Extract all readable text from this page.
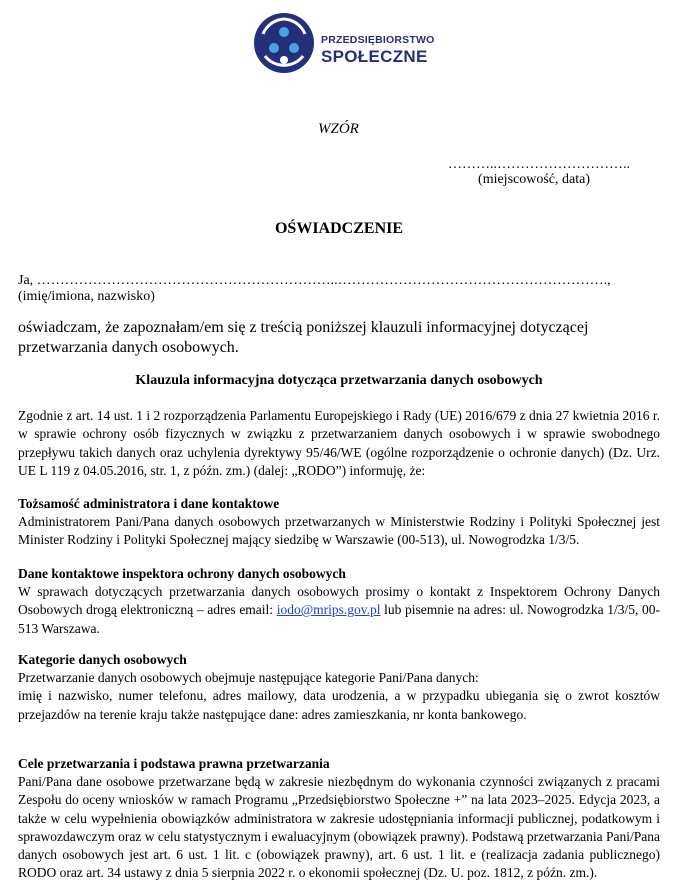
PRZEDSIĘBIORSTWO
SPOŁECZNE
WZÓR
………..………………………..
(miejscowość, data)
OŚWIADCZENIE
Ja, ………………………………………………………..………………………………………………….,
(imię/imiona, nazwisko)
oświadczam, że zapoznałam/em się z treścią poniższej klauzuli informacyjnej dotyczącej przetwarzania danych osobowych.
Klauzula informacyjna dotycząca przetwarzania danych osobowych
Zgodnie z art. 14 ust. 1 i 2 rozporządzenia Parlamentu Europejskiego i Rady (UE) 2016/679 z dnia 27 kwietnia 2016 r. w sprawie ochrony osób fizycznych w związku z przetwarzaniem danych osobowych i w sprawie swobodnego przepływu takich danych oraz uchylenia dyrektywy 95/46/WE (ogólne rozporządzenie o ochronie danych) (Dz. Urz. UE L 119 z 04.05.2016, str. 1, z późn. zm.) (dalej: „RODO”) informuję, że:
Tożsamość administratora i dane kontaktowe
Administratorem Pani/Pana danych osobowych przetwarzanych w Ministerstwie Rodziny i Polityki Społecznej jest Minister Rodziny i Polityki Społecznej mający siedzibę w Warszawie (00-513), ul. Nowogrodzka 1/3/5.
Dane kontaktowe inspektora ochrony danych osobowych
W sprawach dotyczących przetwarzania danych osobowych prosimy o kontakt z Inspektorem Ochrony Danych Osobowych drogą elektroniczną – adres email: iodo@mrips.gov.pl lub pisemnie na adres: ul. Nowogrodzka 1/3/5, 00-513 Warszawa.
Kategorie danych osobowych
Przetwarzanie danych osobowych obejmuje następujące kategorie Pani/Pana danych:
imię i nazwisko, numer telefonu, adres mailowy, data urodzenia, a w przypadku ubiegania się o zwrot kosztów przejazdów na terenie kraju także następujące dane: adres zamieszkania, nr konta bankowego.
Cele przetwarzania i podstawa prawna przetwarzania
Pani/Pana dane osobowe przetwarzane będą w zakresie niezbędnym do wykonania czynności związanych z pracami Zespołu do oceny wniosków w ramach Programu „Przedsiębiorstwo Społeczne +” na lata 2023–2025. Edycja 2023, a także w celu wypełnienia obowiązków administratora w zakresie udostępniania informacji publicznej, podatkowym i sprawozdawczym oraz w celu statystycznym i ewaluacyjnym (obowiązek prawny). Podstawą przetwarzania Pani/Pana danych osobowych jest art. 6 ust. 1 lit. c (obowiązek prawny), art. 6 ust. 1 lit. e (realizacja zadania publicznego) RODO oraz art. 34 ustawy z dnia 5 sierpnia 2022 r. o ekonomii społecznej (Dz. U. poz. 1812, z późn. zm.).
